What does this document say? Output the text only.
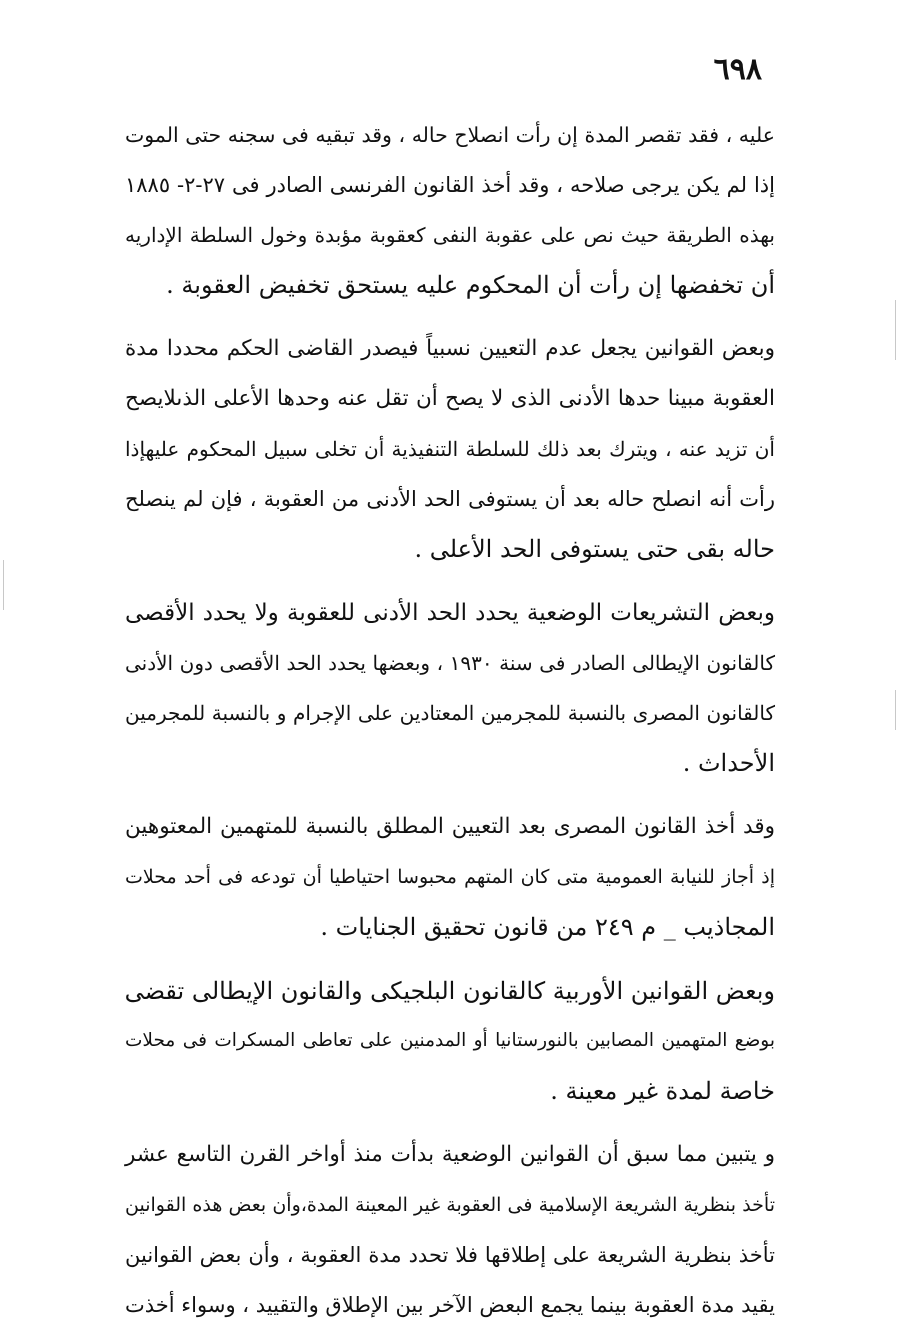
٦٩٨

عليه ، فقد تقصر المدة إن رأت انصلاح حاله ، وقد تبقيه فى سجنه حتى الموت
إذا لم يكن يرجى صلاحه ، وقد أخذ القانون الفرنسى الصادر فى ٢٧-٢- ١٨٨٥
بهذه الطريقة حيث نص على عقوبة النفى كعقوبة مؤبدة وخول السلطة الإداريه
أن تخفضها إن رأت أن المحكوم عليه يستحق تخفيض العقوبة .

وبعض القوانين يجعل عدم التعيين نسبياً فيصدر القاضى الحكم محددا مدة
العقوبة مبينا حدها الأدنى الذى لا يصح أن تقل عنه وحدها الأعلى الذىلايصح
أن تزيد عنه ، ويترك بعد ذلك للسلطة التنفيذية أن تخلى سبيل المحكوم عليهإذا
رأت أنه انصلح حاله بعد أن يستوفى الحد الأدنى من العقوبة ، فإن لم ينصلح
حاله بقى حتى يستوفى الحد الأعلى .

وبعض التشريعات الوضعية يحدد الحد الأدنى للعقوبة ولا يحدد الأقصى
كالقانون الإيطالى الصادر فى سنة ١٩٣٠ ، وبعضها يحدد الحد الأقصى دون الأدنى
كالقانون المصرى بالنسبة للمجرمين المعتادين على الإجرام و بالنسبة للمجرمين
الأحداث .

وقد أخذ القانون المصرى بعد التعيين المطلق بالنسبة للمتهمين المعتوهين
إذ أجاز للنيابة العمومية متى كان المتهم محبوسا احتياطيا أن تودعه فى أحد محلات
المجاذيب _ م ٢٤٩ من قانون تحقيق الجنايات .

وبعض القوانين الأوربية كالقانون البلجيكى والقانون الإيطالى تقضى
بوضع المتهمين المصابين بالنورستانيا أو المدمنين على تعاطى المسكرات فى محلات
خاصة لمدة غير معينة .

و يتبين مما سبق أن القوانين الوضعية بدأت منذ أواخر القرن التاسع عشر
تأخذ بنظرية الشريعة الإسلامية فى العقوبة غير المعينة المدة،وأن بعض هذه القوانين
تأخذ بنظرية الشريعة على إطلاقها فلا تحدد مدة العقوبة ، وأن بعض القوانين
يقيد مدة العقوبة بينما يجمع البعض الآخر بين الإطلاق والتقييد ، وسواء أخذت
